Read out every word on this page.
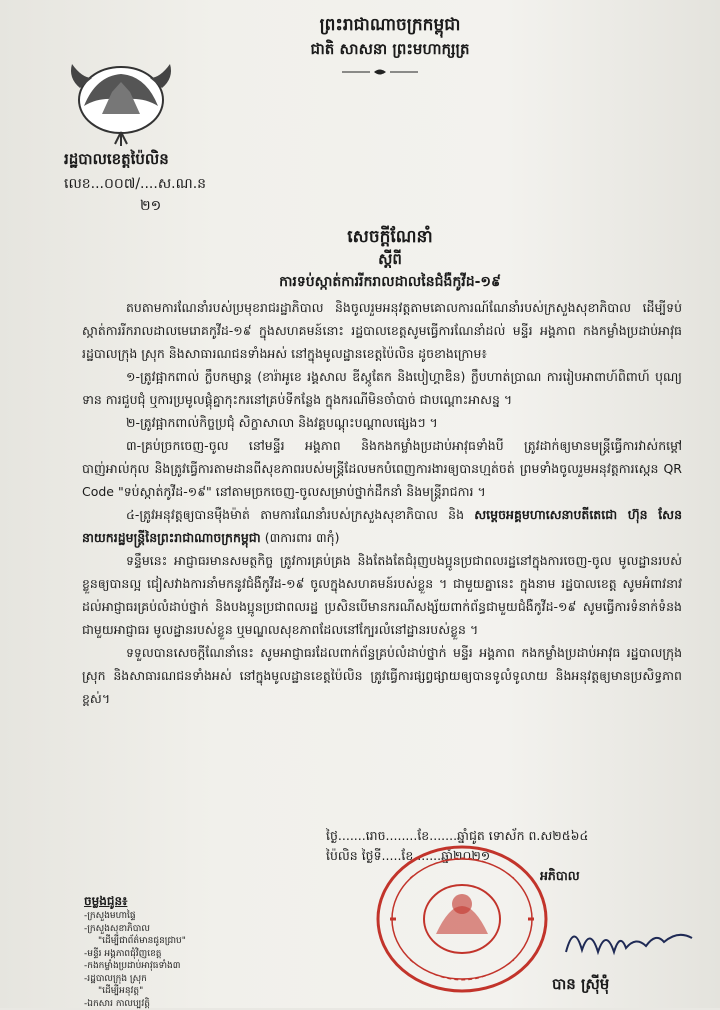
ព្រះរាជាណាចក្រកម្ពុជា
ជាតិ សាសនា ព្រះមហាក្សត្រ
រដ្ឋបាលខេត្តប៉ៃលិន
លេខ...០០៧/....ស.ណ.ន
២១
សេចក្តីណែនាំ
ស្តីពី
ការទប់ស្កាត់ការរីករាលដាលនៃជំងឺកូវីដ-១៩

តបតាមការណែនាំរបស់ប្រមុខរាជរដ្ឋាភិបាល និងចូលរួមអនុវត្តតាមគោលការណ៍ណែនាំរបស់ក្រសួងសុខាភិបាល ដើម្បីទប់ស្កាត់ការរីករាលដាលមេរោគកូវីដ-១៩ ក្នុងសហគមន៍នោះ រដ្ឋបាលខេត្តសូមធ្វើការណែនាំដល់ មន្ទីរ អង្គភាព កងកម្លាំងប្រដាប់អាវុធ រដ្ឋបាលក្រុង ស្រុក និងសាធារណជនទាំងអស់ នៅក្នុងមូលដ្ឋានខេត្តប៉ៃលិន ដូចខាងក្រោម៖

១-ត្រូវផ្អាកពាល់ ក្លឹបកម្សាន្ត (ខារ៉ាអូខេ រង្គសាល ឌីស្កូតែក និងបៀហ្គាឌិន) ក្លឹបហាត់ប្រាណ ការរៀបអាពាហ៍ពិពាហ៍ បុណ្យទាន ការជួបជុំ ឬការប្រមូលផ្តុំគ្នាកុះករនៅគ្រប់ទីកន្លែង ក្នុងករណីមិនចាំបាច់ ជាបណ្តោះអាសន្ន ។

២-ត្រូវផ្អាកពាល់កិច្ចប្រជុំ សិក្ខាសាលា និងវគ្គបណ្តុះបណ្តាលផ្សេងៗ ។

៣-គ្រប់ច្រកចេញ-ចូល នៅមន្ទីរ អង្គភាព និងកងកម្លាំងប្រដាប់អាវុធទាំងបី ត្រូវដាក់ឲ្យមានមន្ត្រីធ្វើការវាស់កម្តៅ បាញ់អាល់កុល និងត្រូវធ្វើការតាមដានពីសុខភាពរបស់មន្ត្រីដែលមកបំពេញការងារឲ្យបានហ្មត់ចត់ ព្រមទាំងចូលរួមអនុវត្តការស្កេន QR Code "ទប់ស្កាត់កូវីដ-១៩" នៅតាមច្រកចេញ-ចូលសម្រាប់ថ្នាក់ដឹកនាំ និងមន្ត្រីរាជការ ។

៤-ត្រូវអនុវត្តឲ្យបានម៉ឺងម៉ាត់ តាមការណែនាំរបស់ក្រសួងសុខាភិបាល និង សម្តេចអគ្គមហាសេនាបតីតេជោ ហ៊ុន សែន នាយករដ្ឋមន្ត្រីនៃព្រះរាជាណាចក្រកម្ពុជា (៣ការពារ ៣កុំ)

ទន្ទឹមនេះ អាជ្ញាធរមានសមត្ថកិច្ច ត្រូវការគ្រប់គ្រង និងតែងតែជំរុញបងប្អូនប្រជាពលរដ្ឋនៅក្នុងការចេញ-ចូល មូលដ្ឋានរបស់ខ្លួនឲ្យបានល្អ ជៀសវាងការនាំមកនូវជំងឺកូវីដ-១៩ ចូលក្នុងសហគមន៍របស់ខ្លួន ។ ជាមួយគ្នានេះ ក្នុងនាម រដ្ឋបាលខេត្ត សូមអំពាវនាវ ដល់អាជ្ញាធរគ្រប់លំដាប់ថ្នាក់ និងបងប្អូនប្រជាពលរដ្ឋ ប្រសិនបើមានករណីសង្ស័យពាក់ព័ន្ធជាមួយជំងឺកូវីដ-១៩ សូមធ្វើការទំនាក់ទំនងជាមួយអាជ្ញាធរ មូលដ្ឋានរបស់ខ្លួន ឬមណ្ឌលសុខភាពដែលនៅក្បែរលំនៅដ្ឋានរបស់ខ្លួន ។

ទទួលបានសេចក្តីណែនាំនេះ សូមអាជ្ញាធរដែលពាក់ព័ន្ធគ្រប់លំដាប់ថ្នាក់ មន្ទីរ អង្គភាព កងកម្លាំងប្រដាប់អាវុធ រដ្ឋបាលក្រុង ស្រុក និងសាធារណជនទាំងអស់ នៅក្នុងមូលដ្ឋានខេត្តប៉ៃលិន ត្រូវធ្វើការផ្សព្វផ្សាយឲ្យបានទូលំទូលាយ និងអនុវត្តឲ្យមានប្រសិទ្ធភាពខ្ពស់។

ថ្ងៃ.......រោច........ខែ.......ឆ្នាំជូត ទោស័ក ព.ស២៥៦៤
ប៉ៃលិន ថ្ងៃទី.....ខែ.......ឆ្នាំ២០២១
អភិបាល
ចម្លងជូន៖
-ក្រសួងមហាផ្ទៃ
-ក្រសួងសុខាភិបាល
"ដើម្បីជាព័ត៌មានជូនជ្រាប"
-មន្ទីរ អង្គភាពជុំវិញខេត្ត
-កងកម្លាំងប្រដាប់អាវុធទាំង៣
-រដ្ឋបាលក្រុង ស្រុក
"ដើម្បីអនុវត្ត"
-ឯកសារ កាលប្បវត្តិ
បាន ស្រ៊ីម៉ុំ
